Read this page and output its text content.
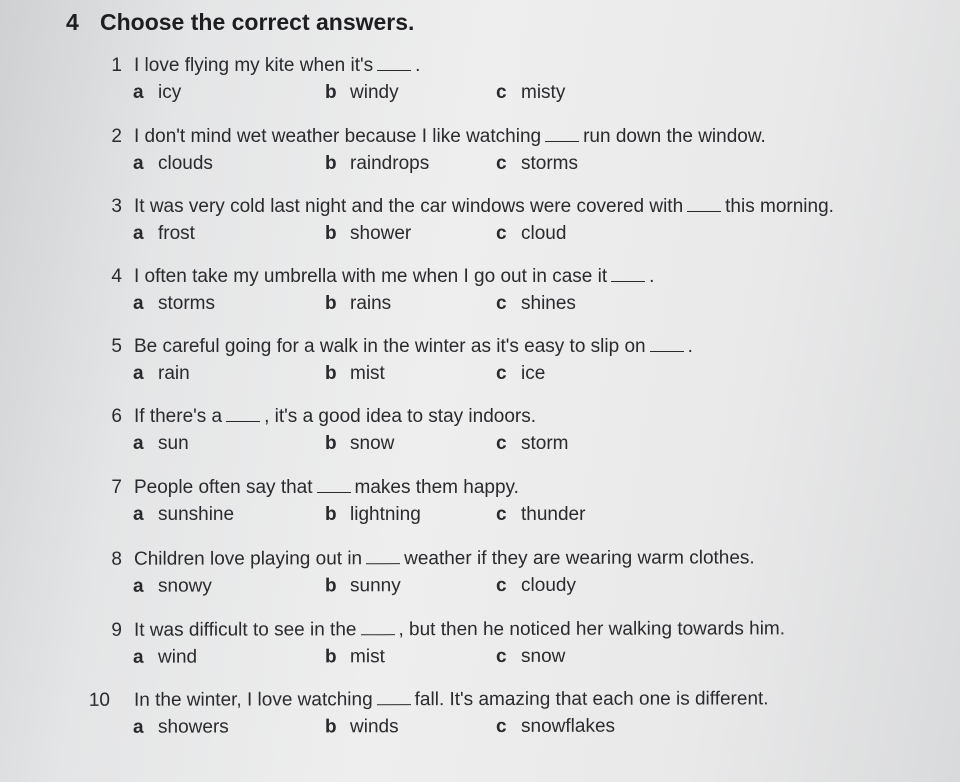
4 Choose the correct answers.
1 I love flying my kite when it's .
a icy	b windy	c misty
2 I don't mind wet weather because I like watching run down the window.
a clouds	b raindrops	c storms
3 It was very cold last night and the car windows were covered with this morning.
a frost	b shower	c cloud
4 I often take my umbrella with me when I go out in case it .
a storms	b rains	c shines
5 Be careful going for a walk in the winter as it's easy to slip on .
a rain	b mist	c ice
6 If there's a , it's a good idea to stay indoors.
a sun	b snow	c storm
7 People often say that makes them happy.
a sunshine	b lightning	c thunder
8 Children love playing out in weather if they are wearing warm clothes.
a snowy	b sunny	c cloudy
9 It was difficult to see in the , but then he noticed her walking towards him.
a wind	b mist	c snow
10 In the winter, I love watching fall. It's amazing that each one is different.
a showers	b winds	c snowflakes
